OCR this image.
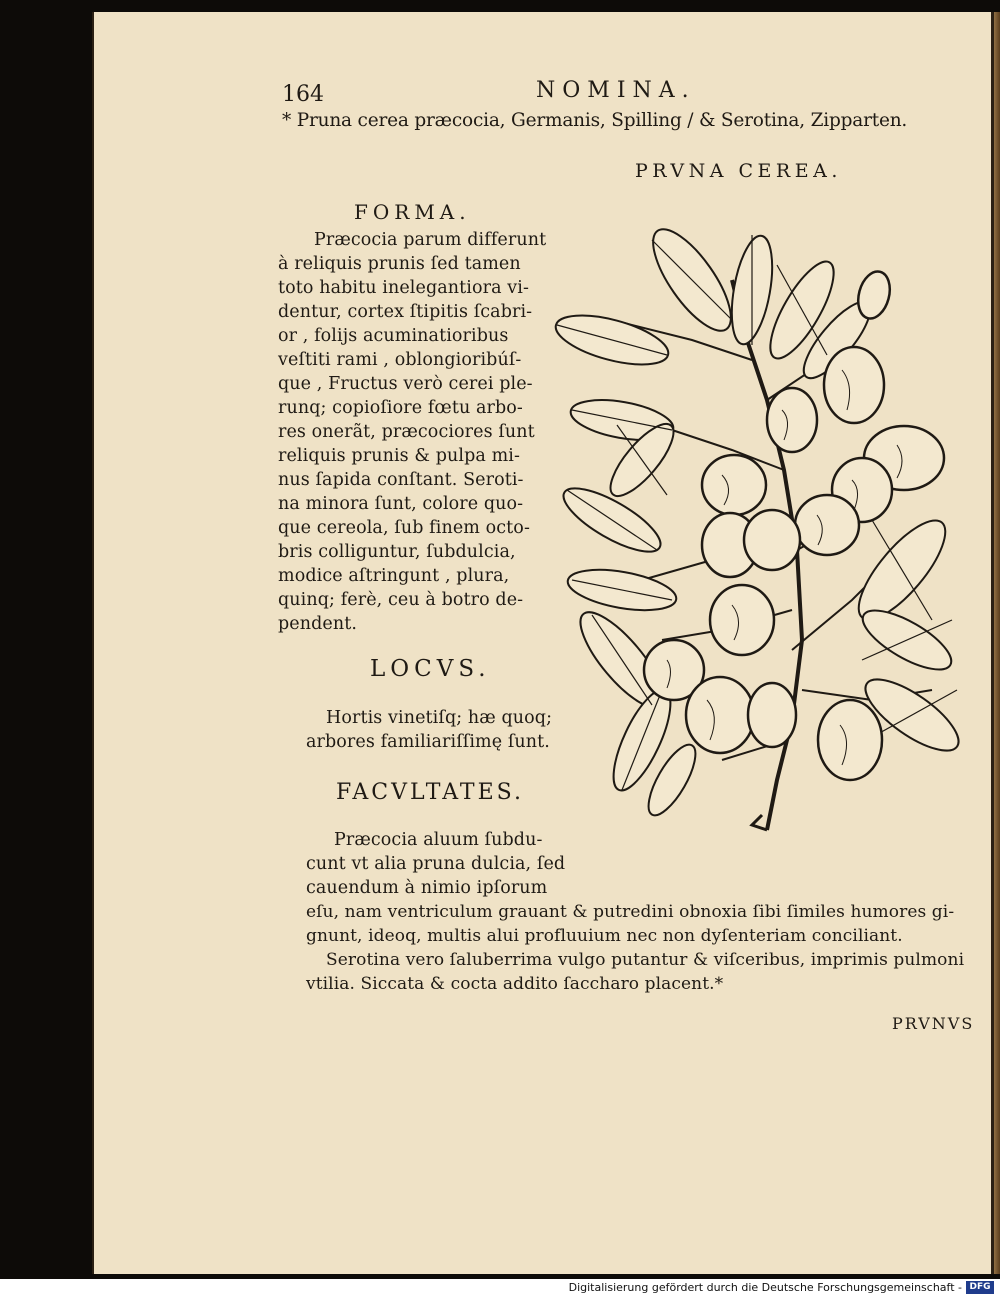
164	NOMINA.
* Pruna cerea præcocia, Germanis, Spilling / & Serotina, Zipparten.
PRVNA CEREA.
FORMA.
Præcocia parum differunt
à reliquis prunis ſed tamen
toto habitu inelegantiora vi-
dentur, cortex ſtipitis ſcabri-
or , folijs acuminatioribus
veſtiti rami , oblongioribúſ-
que , Fructus verò cerei ple-
runq; copioſiore fœtu arbo-
res onerãt, præcociores ſunt
reliquis prunis & pulpa mi-
nus ſapida conſtant. Seroti-
na minora ſunt, colore quo-
que cereola, ſub finem octo-
bris colliguntur, ſubdulcia,
modice aſtringunt , plura,
quinq; ferè, ceu à botro de-
pendent.
LOCVS.
Hortis vinetiſq; hæ quoq;
arbores familiariſſimę ſunt.
FACVLTATES.
Præcocia aluum ſubdu-
cunt vt alia pruna dulcia, ſed
cauendum à nimio ipſorum
eſu, nam ventriculum grauant & putredini obnoxia ſibi ſimiles humores gi-
gnunt, ideoq, multis alui profluuium nec non dyſenteriam conciliant.
Serotina vero ſaluberrima vulgo putantur & viſceribus, imprimis pulmoni
vtilia. Siccata & cocta addito ſaccharo placent.*
PRVNVS
Digitalisierung gefördert durch die Deutsche Forschungsgemeinschaft - DFG
